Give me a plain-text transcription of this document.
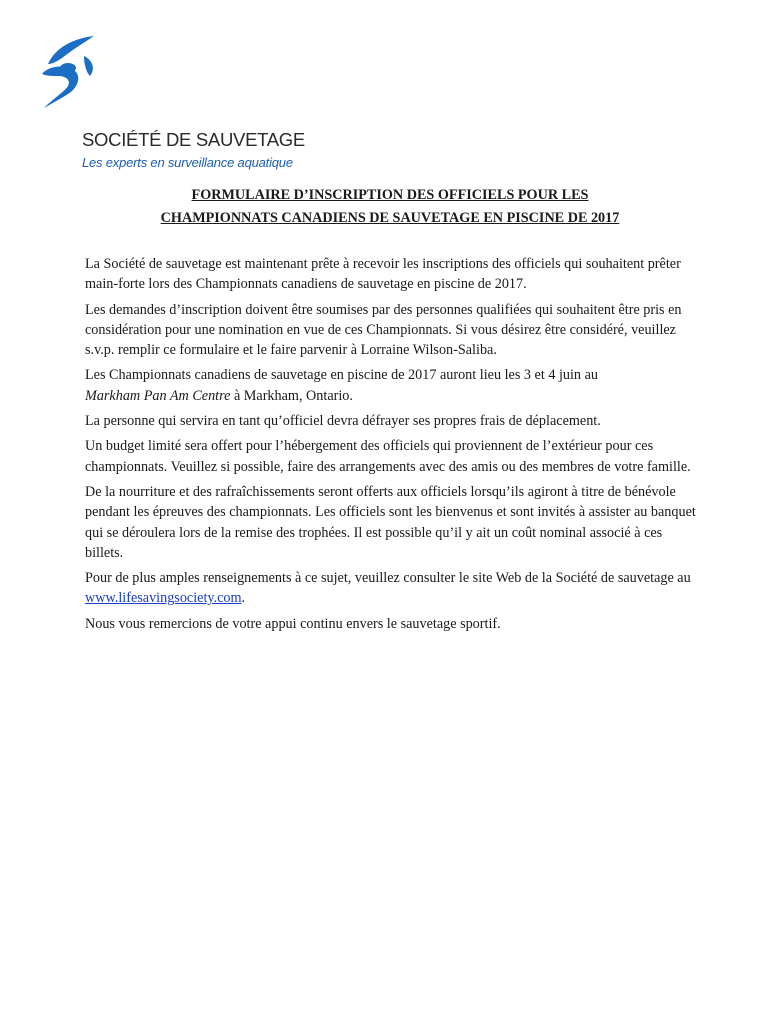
SOCIÉTÉ DE SAUVETAGE
Les experts en surveillance aquatique
FORMULAIRE D’INSCRIPTION DES OFFICIELS POUR LES
CHAMPIONNATS CANADIENS DE SAUVETAGE EN PISCINE DE 2017

La Société de sauvetage est maintenant prête à recevoir les inscriptions des officiels qui souhaitent prêter main-forte lors des Championnats canadiens de sauvetage en piscine de 2017.

Les demandes d’inscription doivent être soumises par des personnes qualifiées qui souhaitent être pris en considération pour une nomination en vue de ces Championnats. Si vous désirez être considéré, veuillez s.v.p. remplir ce formulaire et le faire parvenir à Lorraine Wilson-Saliba.

Les Championnats canadiens de sauvetage en piscine de 2017 auront lieu les 3 et 4 juin au
Markham Pan Am Centre à Markham, Ontario.

La personne qui servira en tant qu’officiel devra défrayer ses propres frais de déplacement.

Un budget limité sera offert pour l’hébergement des officiels qui proviennent de l’extérieur pour ces championnats. Veuillez si possible, faire des arrangements avec des amis ou des membres de votre famille.

De la nourriture et des rafraîchissements seront offerts aux officiels lorsqu’ils agiront à titre de bénévole pendant les épreuves des championnats. Les officiels sont les bienvenus et sont invités à assister au banquet qui se déroulera lors de la remise des trophées. Il est possible qu’il y ait un coût nominal associé à ces billets.

Pour de plus amples renseignements à ce sujet, veuillez consulter le site Web de la Société de sauvetage au www.lifesavingsociety.com.

Nous vous remercions de votre appui continu envers le sauvetage sportif.
